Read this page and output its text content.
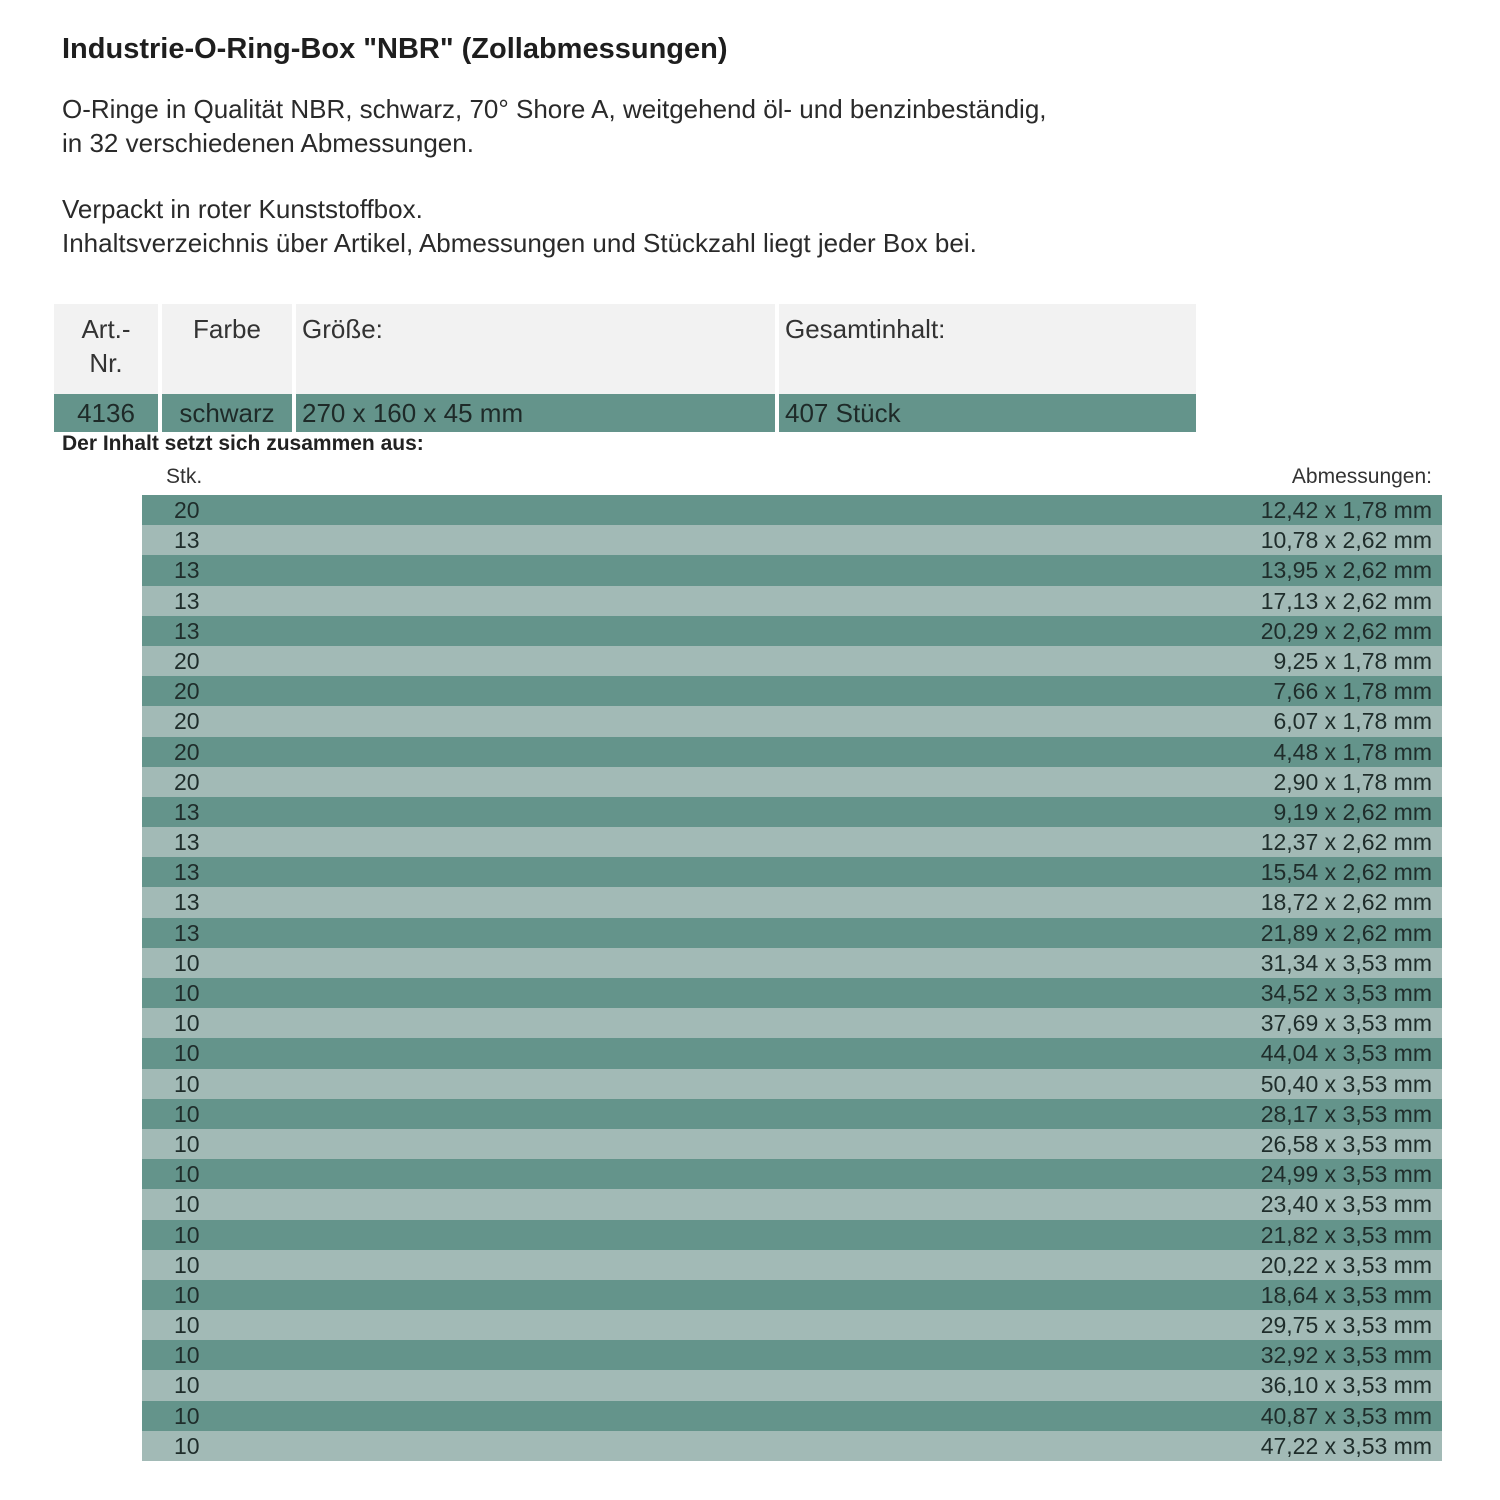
Industrie-O-Ring-Box "NBR" (Zollabmessungen)
O-Ringe in Qualität NBR, schwarz, 70° Shore A, weitgehend öl- und benzinbeständig,
in 32 verschiedenen Abmessungen.
Verpackt in roter Kunststoffbox.
Inhaltsverzeichnis über Artikel, Abmessungen und Stückzahl liegt jeder Box bei.
Art.-
Nr.	Farbe	Größe:	Gesamtinhalt:
4136	schwarz	270 x 160 x 45 mm	407 Stück
Der Inhalt setzt sich zusammen aus:
Stk.	Abmessungen:
20	12,42 x 1,78 mm
13	10,78 x 2,62 mm
13	13,95 x 2,62 mm
13	17,13 x 2,62 mm
13	20,29 x 2,62 mm
20	9,25 x 1,78 mm
20	7,66 x 1,78 mm
20	6,07 x 1,78 mm
20	4,48 x 1,78 mm
20	2,90 x 1,78 mm
13	9,19 x 2,62 mm
13	12,37 x 2,62 mm
13	15,54 x 2,62 mm
13	18,72 x 2,62 mm
13	21,89 x 2,62 mm
10	31,34 x 3,53 mm
10	34,52 x 3,53 mm
10	37,69 x 3,53 mm
10	44,04 x 3,53 mm
10	50,40 x 3,53 mm
10	28,17 x 3,53 mm
10	26,58 x 3,53 mm
10	24,99 x 3,53 mm
10	23,40 x 3,53 mm
10	21,82 x 3,53 mm
10	20,22 x 3,53 mm
10	18,64 x 3,53 mm
10	29,75 x 3,53 mm
10	32,92 x 3,53 mm
10	36,10 x 3,53 mm
10	40,87 x 3,53 mm
10	47,22 x 3,53 mm
